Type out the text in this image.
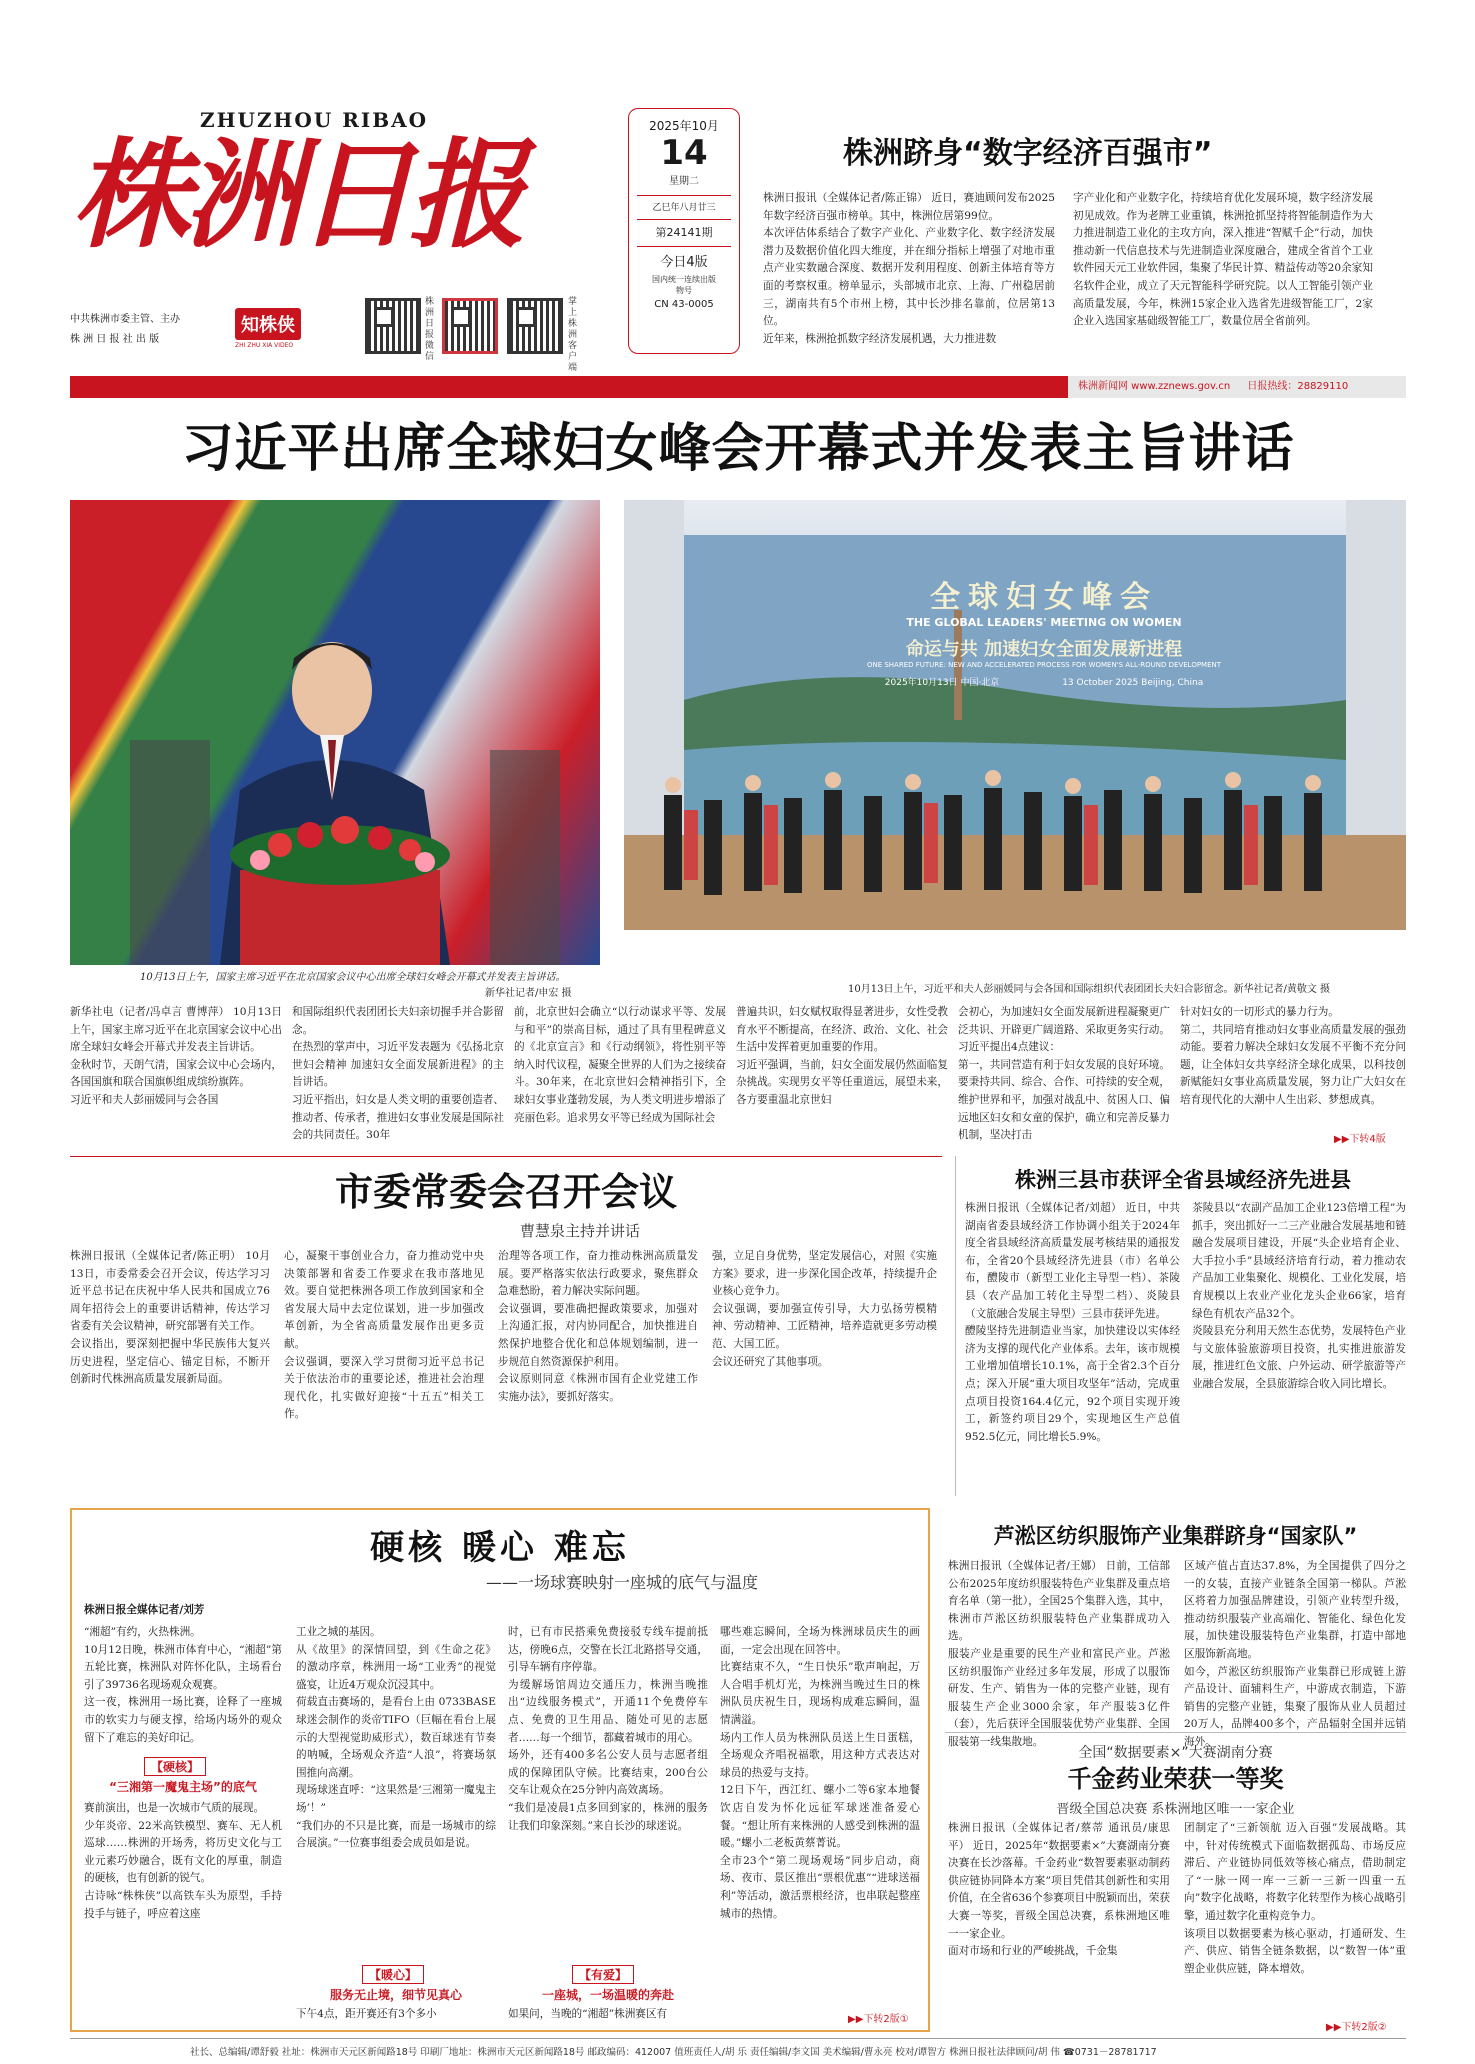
ZHUZHOU RIBAO
株洲日报
中共株洲市委主管、主办
株 洲 日 报 社 出 版
知株侠
ZHI ZHU XIA VIDEO
株洲日报微信
掌上株洲客户端
2025年10月
14
星期二
乙巳年八月廿三
第24141期
今日4版
国内统一连续出版物号
CN 43-0005
株洲跻身“数字经济百强市”
株洲日报讯（全媒体记者/陈正锦） 近日，赛迪顾问发布2025年数字经济百强市榜单。其中，株洲位居第99位。
本次评估体系结合了数字产业化、产业数字化、数字经济发展潜力及数据价值化四大维度，并在细分指标上增强了对地市重点产业实数融合深度、数据开发利用程度、创新主体培育等方面的考察权重。榜单显示，头部城市北京、上海、广州稳居前三，湖南共有5个市州上榜，其中长沙排名靠前，位居第13位。
近年来，株洲抢抓数字经济发展机遇，大力推进数
字产业化和产业数字化，持续培育优化发展环境，数字经济发展初见成效。作为老牌工业重镇，株洲抢抓坚持将智能制造作为大力推进制造工业化的主攻方向，深入推进“智赋千企”行动，加快推动新一代信息技术与先进制造业深度融合，建成全省首个工业软件园天元工业软件园，集聚了华民计算、精益传动等20余家知名软件企业，成立了天元智能科学研究院。以人工智能引领产业高质量发展，今年，株洲15家企业入选省先进级智能工厂，2家企业入选国家基础级智能工厂，数量位居全省前列。
株洲新闻网 www.zznews.gov.cn 日报热线：28829110
习近平出席全球妇女峰会开幕式并发表主旨讲话
全球妇女峰会
THE GLOBAL LEADERS' MEETING ON WOMEN
命运与共 加速妇女全面发展新进程
ONE SHARED FUTURE: NEW AND ACCELERATED PROCESS FOR WOMEN'S ALL-ROUND DEVELOPMENT
2025年10月13日 中国·北京	13 October 2025 Beijing, China
10月13日上午，国家主席习近平在北京国家会议中心出席全球妇女峰会开幕式并发表主旨讲话。
新华社记者/申宏 摄	10月13日上午，习近平和夫人彭丽媛同与会各国和国际组织代表团团长夫妇合影留念。新华社记者/黄敬文 摄
新华社电（记者/冯卓言 曹博萍） 10月13日上午，国家主席习近平在北京国家会议中心出席全球妇女峰会开幕式并发表主旨讲话。
金秋时节，天朗气清，国家会议中心会场内，各国国旗和联合国旗帜组成缤纷旗阵。
习近平和夫人彭丽媛同与会各国
和国际组织代表团团长夫妇亲切握手并合影留念。
在热烈的掌声中，习近平发表题为《弘扬北京世妇会精神 加速妇女全面发展新进程》的主旨讲话。
习近平指出，妇女是人类文明的重要创造者、推动者、传承者，推进妇女事业发展是国际社会的共同责任。30年
前，北京世妇会确立“以行动谋求平等、发展与和平”的崇高目标，通过了具有里程碑意义的《北京宣言》和《行动纲领》，将性别平等纳入时代议程，凝聚全世界的人们为之接续奋斗。30年来，在北京世妇会精神指引下，全球妇女事业蓬勃发展，为人类文明进步增添了亮丽色彩。追求男女平等已经成为国际社会
普遍共识，妇女赋权取得显著进步，女性受教育水平不断提高，在经济、政治、文化、社会生活中发挥着更加重要的作用。
习近平强调，当前，妇女全面发展仍然面临复杂挑战。实现男女平等任重道远，展望未来，各方要重温北京世妇
会初心，为加速妇女全面发展新进程凝聚更广泛共识、开辟更广阔道路、采取更务实行动。习近平提出4点建议：
第一，共同营造有利于妇女发展的良好环境。要秉持共同、综合、合作、可持续的安全观，维护世界和平，加强对战乱中、贫困人口、偏远地区妇女和女童的保护，确立和完善反暴力机制，坚决打击
针对妇女的一切形式的暴力行为。
第二，共同培育推动妇女事业高质量发展的强劲动能。要着力解决全球妇女发展不平衡不充分问题，让全体妇女共享经济全球化成果，以科技创新赋能妇女事业高质量发展，努力让广大妇女在培育现代化的大潮中人生出彩、梦想成真。
▶▶下转4版
市委常委会召开会议
曹慧泉主持并讲话
株洲日报讯（全媒体记者/陈正明） 10月13日，市委常委会召开会议，传达学习习近平总书记在庆祝中华人民共和国成立76周年招待会上的重要讲话精神，传达学习省委有关会议精神，研究部署有关工作。
会议指出，要深刻把握中华民族伟大复兴历史进程，坚定信心、锚定目标，不断开创新时代株洲高质量发展新局面。
心，凝聚干事创业合力，奋力推动党中央决策部署和省委工作要求在我市落地见效。要自觉把株洲各项工作放到国家和全省发展大局中去定位谋划，进一步加强改革创新，为全省高质量发展作出更多贡献。
会议强调，要深入学习贯彻习近平总书记关于依法治市的重要论述，推进社会治理现代化，扎实做好迎接“十五五”相关工作。
治理等各项工作，奋力推动株洲高质量发展。要严格落实依法行政要求，聚焦群众急难愁盼，着力解决实际问题。
会议强调，要准确把握政策要求，加强对上沟通汇报，对内协同配合，加快推进自然保护地整合优化和总体规划编制，进一步规范自然资源保护利用。
会议原则同意《株洲市国有企业党建工作实施办法》，要抓好落实。
强，立足自身优势，坚定发展信心，对照《实施方案》要求，进一步深化国企改革，持续提升企业核心竞争力。
会议强调，要加强宣传引导，大力弘扬劳模精神、劳动精神、工匠精神，培养造就更多劳动模范、大国工匠。
会议还研究了其他事项。
株洲三县市获评全省县域经济先进县
株洲日报讯（全媒体记者/刘超） 近日，中共湖南省委县域经济工作协调小组关于2024年度全省县域经济高质量发展考核结果的通报发布，全省20个县域经济先进县（市）名单公布，醴陵市（新型工业化主导型一档）、茶陵县（农产品加工转化主导型二档）、炎陵县（文旅融合发展主导型）三县市获评先进。
醴陵坚持先进制造业当家，加快建设以实体经济为支撑的现代化产业体系。去年，该市规模工业增加值增长10.1%，高于全省2.3个百分点；深入开展“重大项目攻坚年”活动，完成重点项目投资164.4亿元，92个项目实现开竣工，新签约项目29个，实现地区生产总值952.5亿元，同比增长5.9%。
茶陵县以“农副产品加工企业123倍增工程”为抓手，突出抓好一二三产业融合发展基地和链融合发展项目建设，开展“头企业培育企业、大手拉小手”县域经济培育行动，着力推动农产品加工业集聚化、规模化、工业化发展，培育规模以上农业产业化龙头企业66家，培育绿色有机农产品32个。
炎陵县充分利用天然生态优势，发展特色产业与文旅体验旅游项目投资，扎实推进旅游发展，推进红色文旅、户外运动、研学旅游等产业融合发展，全县旅游综合收入同比增长。
硬核 暖心 难忘
——一场球赛映射一座城的底气与温度
株洲日报全媒体记者/刘芳
“湘超”有约，火热株洲。
10月12日晚，株洲市体育中心，“湘超”第五轮比赛，株洲队对阵怀化队，主场看台引了39736名现场观众观赛。
这一夜，株洲用一场比赛，诠释了一座城市的软实力与硬支撑，给场内场外的观众留下了难忘的美好印记。
【硬核】
“三湘第一魔鬼主场”的底气
赛前演出，也是一次城市气质的展现。
少年炎帝、22米高铁模型、赛车、无人机巡球……株洲的开场秀，将历史文化与工业元素巧妙融合，既有文化的厚重，制造的硬核，也有创新的锐气。
古诗咏“株株侠”以高铁车头为原型，手持投手与链子，呼应着这座
工业之城的基因。
从《故里》的深情回望，到《生命之花》的激动序章，株洲用一场“工业秀”的视觉盛宴，让近4万观众沉浸其中。
荷载直击赛场的，是看台上由 0733BASE球迷会制作的炎帝TIFO（巨幅在看台上展示的大型视觉助威形式），数百球迷有节奏的呐喊，全场观众齐造“人浪”，将赛场氛围推向高潮。
现场球迷直呼：“这果然是‘三湘第一魔鬼主场’！”
“我们办的不只是比赛，而是一场城市的综合展演。”一位赛事组委会成员如是说。
【暖心】
服务无止境，细节见真心
下午4点，距开赛还有3个多小
时，已有市民搭乘免费接驳专线车提前抵达，傍晚6点，交警在长江北路搭导交通，引导车辆有序停靠。
为缓解场馆周边交通压力，株洲当晚推出“边线服务模式”，开通11个免费停车点、免费的卫生用品、随处可见的志愿者……每一个细节，都藏着城市的用心。
场外，还有400多名公安人员与志愿者组成的保障团队守候。比赛结束，200台公交车让观众在25分钟内高效离场。
“我们是凌晨1点多回到家的，株洲的服务让我们印象深刻。”来自长沙的球迷说。
【有爱】
一座城，一场温暖的奔赴
如果问，当晚的“湘超”株洲赛区有
哪些难忘瞬间，全场为株洲球员庆生的画面，一定会出现在回答中。
比赛结束不久，“生日快乐”歌声响起，万人合唱手机灯光，为株洲当晚过生日的株洲队员庆祝生日，现场构成难忘瞬间，温情满溢。
场内工作人员为株洲队员送上生日蛋糕，全场观众齐唱祝福歌，用这种方式表达对球员的热爱与支持。
12日下午，西江红、螺小二等6家本地餐饮店自发为怀化远征军球迷准备爱心餐。“想让所有来株洲的人感受到株洲的温暖。”螺小二老板黄蔡菁说。
全市23个“第二现场观场”同步启动，商场、夜市、景区推出“票根优惠”“进球送福利”等活动，激活票根经济，也串联起整座城市的热情。
▶▶下转2版①
芦淞区纺织服饰产业集群跻身“国家队”
株洲日报讯（全媒体记者/王娜） 日前，工信部公布2025年度纺织服装特色产业集群及重点培育名单（第一批），全国25个集群入选，其中，株洲市芦淞区纺织服装特色产业集群成功入选。
服装产业是重要的民生产业和富民产业。芦淞区纺织服饰产业经过多年发展，形成了以服饰研发、生产、销售为一体的完整产业链，现有服装生产企业3000余家，年产服装3亿件（套），先后获评全国服装优势产业集群、全国服装第一线集散地。
区域产值占直达37.8%，为全国提供了四分之一的女装，直接产业链条全国第一梯队。芦淞区将着力加强品牌建设，引领产业转型升级，推动纺织服装产业高端化、智能化、绿色化发展，加快建设服装特色产业集群，打造中部地区服饰新高地。
如今，芦淞区纺织服饰产业集群已形成链上游产品设计、面辅料生产，中游成衣制造，下游销售的完整产业链，集聚了服饰从业人员超过20万人，品牌400多个，产品辐射全国并远销海外。
全国“数据要素×”大赛湖南分赛
千金药业荣获一等奖
晋级全国总决赛 系株洲地区唯一一家企业
株洲日报讯（全媒体记者/蔡蒂 通讯员/康思平） 近日，2025年“数据要素×”大赛湖南分赛决赛在长沙落幕。千金药业“数智要素驱动制药供应链协同降本方案”项目凭借其创新性和实用价值，在全省636个参赛项目中脱颖而出，荣获大赛一等奖，晋级全国总决赛，系株洲地区唯一一家企业。
面对市场和行业的严峻挑战，千金集
团制定了“三新领航 迈入百强”发展战略。其中，针对传统模式下面临数据孤岛、市场反应滞后、产业链协同低效等核心痛点，借助制定了“一脉一网一库一三新一三新一四重一五向”数字化战略，将数字化转型作为核心战略引擎，通过数字化重构竞争力。
该项目以数据要素为核心驱动，打通研发、生产、供应、销售全链条数据，以“数智一体”重塑企业供应链，降本增效。
▶▶下转2版②
社长、总编辑/谭舒毅 社址：株洲市天元区新闻路18号 印刷厂地址：株洲市天元区新闻路18号 邮政编码：412007 值班责任人/胡 乐 责任编辑/李文国 美术编辑/曹永亮 校对/谭智方 株洲日报社法律顾问/胡 伟 ☎0731－28781717
